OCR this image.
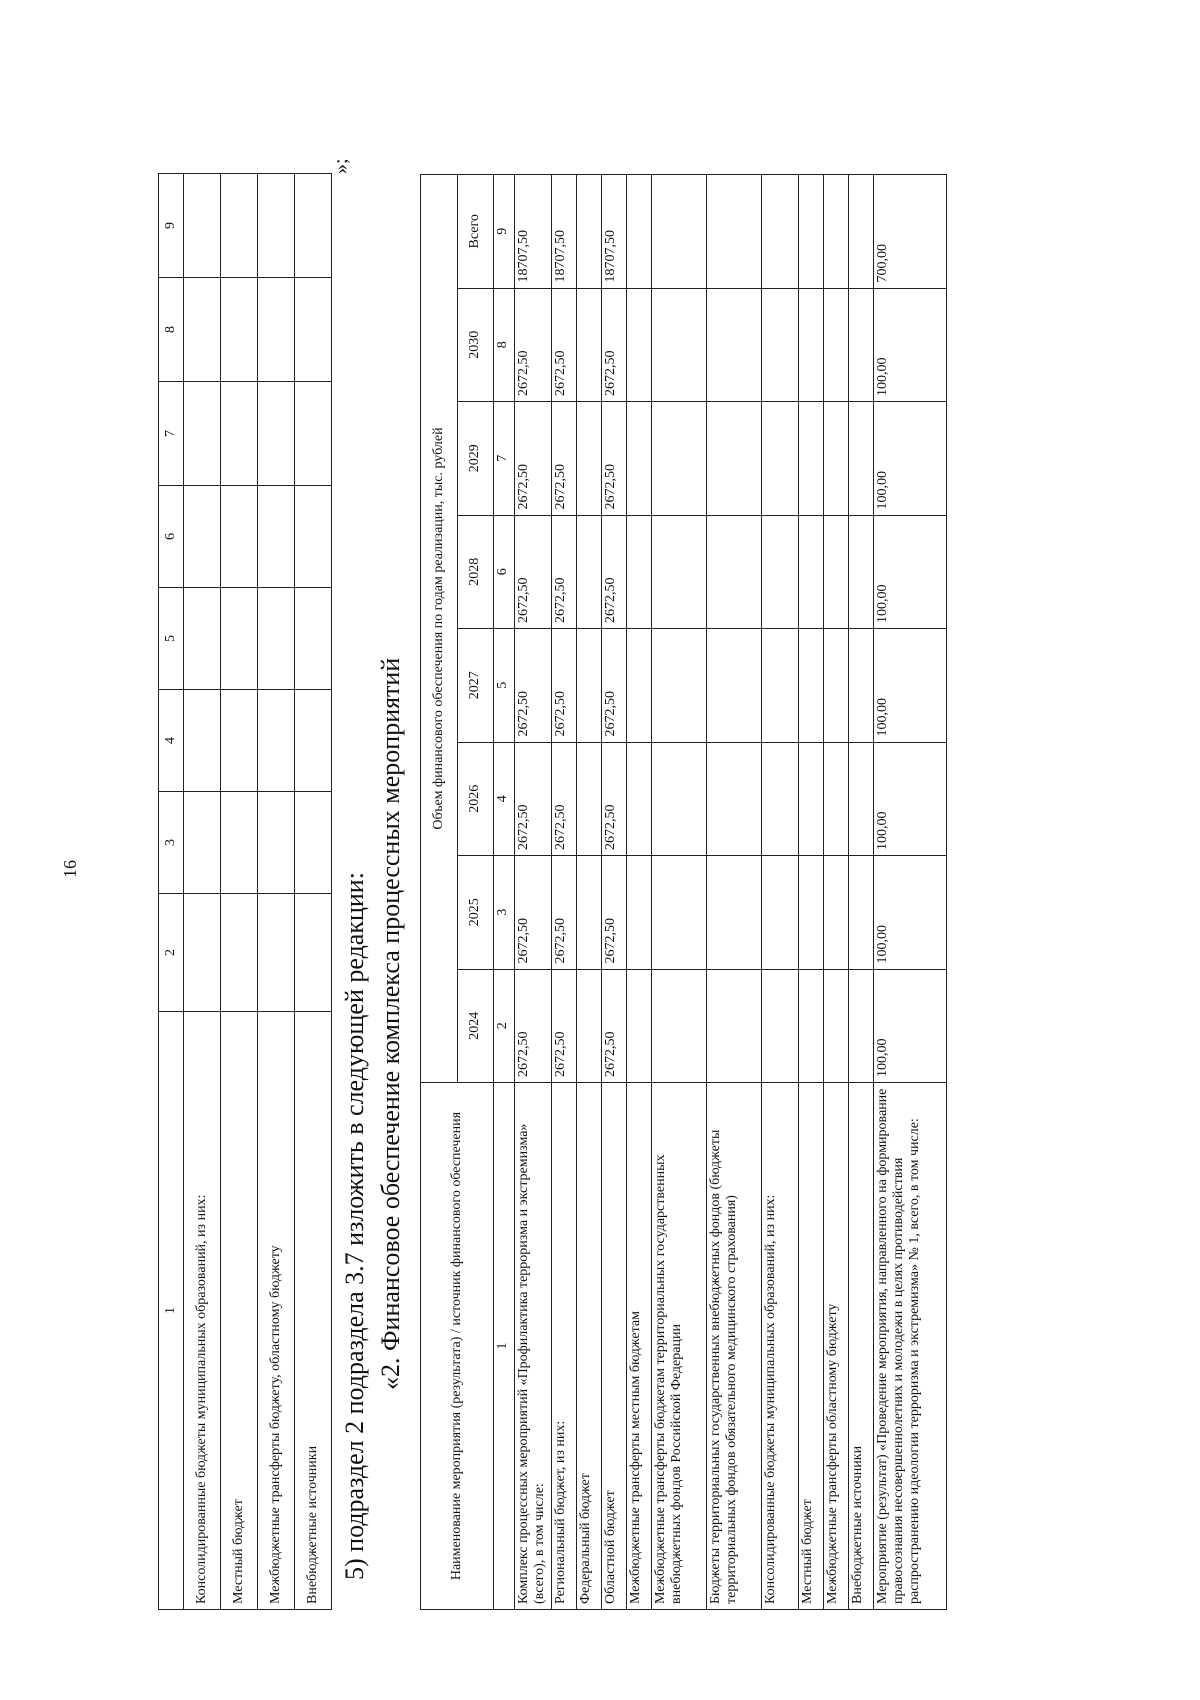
16
1	2	3	4	5	6	7	8	9
Консолидированные бюджеты муниципальных образований, из них:								
Местный бюджет								
Межбюджетные трансферты бюджету, областному бюджету								
Внебюджетные источники								
»;
5) подраздел 2 подраздела 3.7 изложить в следующей редакции: «2. Финансовое обеспечение комплекса процессных мероприятий	Наименование мероприятия (результата) / источник финансового обеспечения	Объем финансового обеспечения по годам реализации, тыс. рублей							
	2024	2025	2026	2027	2028	2029	2030	Всего
1	2	3	4	5	6	7	8	9
Комплекс процессных мероприятий «Профилактика терроризма и экстремизма» (всего), в том числе:	2672,50	2672,50	2672,50	2672,50	2672,50	2672,50	2672,50	18707,50
Региональный бюджет, из них:	2672,50	2672,50	2672,50	2672,50	2672,50	2672,50	2672,50	18707,50
Федеральный бюджет								
Областной бюджет	2672,50	2672,50	2672,50	2672,50	2672,50	2672,50	2672,50	18707,50
Межбюджетные трансферты местным бюджетам								
Межбюджетные трансферты бюджетам территориальных государственных внебюджетных фондов Российской Федерации								
Бюджеты территориальных государственных внебюджетных фондов (бюджеты территориальных фондов обязательного медицинского страхования)								
Консолидированные бюджеты муниципальных образований, из них:								
Местный бюджет								
Межбюджетные трансферты областному бюджету								
Внебюджетные источники								
Мероприятие (результат) «Проведение мероприятия, направленного на формирование правосознания несовершеннолетних и молодежи в целях противодействия распространению идеологии терроризма и экстремизма» № 1, всего, в том числе:	100,00	100,00	100,00	100,00	100,00	100,00	100,00	700,00
